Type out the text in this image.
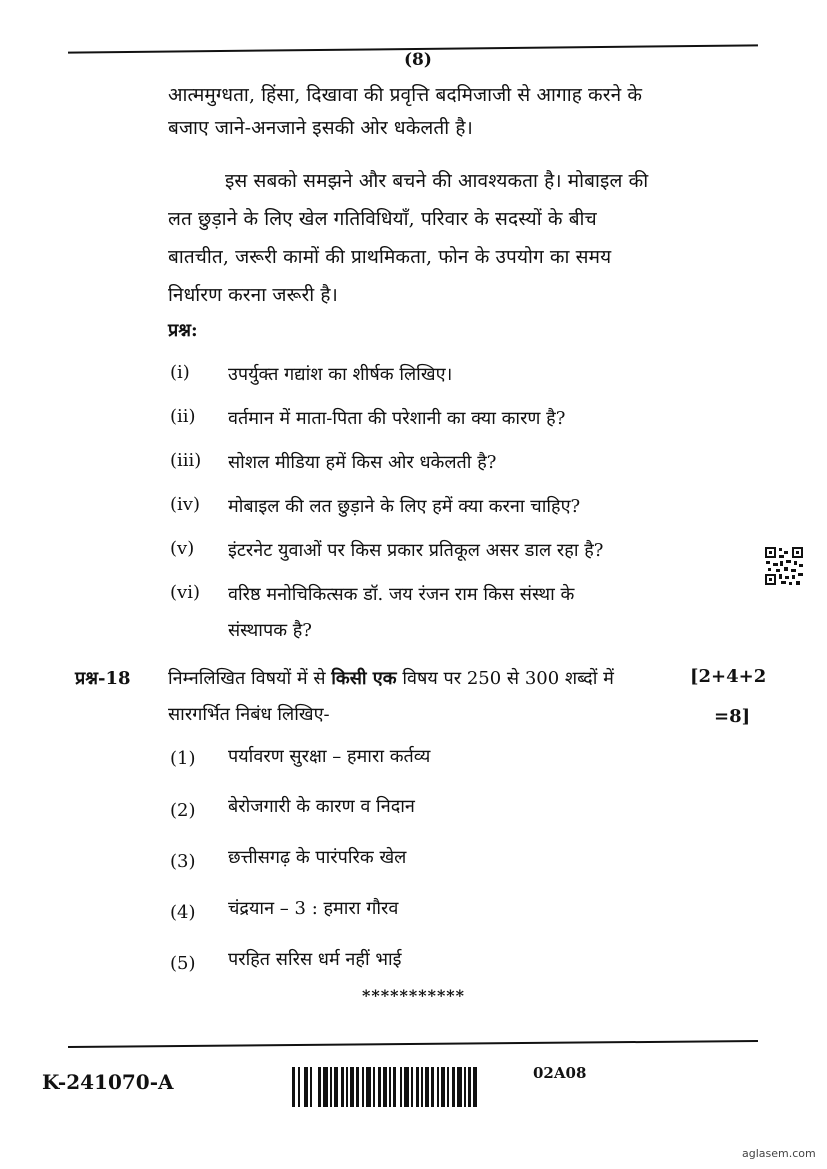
(8)
आत्ममुग्धता, हिंसा, दिखावा की प्रवृत्ति बदमिजाजी से आगाह करने के
बजाए जाने-अनजाने इसकी ओर धकेलती है।
इस सबको समझने और बचने की आवश्यकता है। मोबाइल की
लत छुड़ाने के लिए खेल गतिविधियाँ, परिवार के सदस्यों के बीच
बातचीत, जरूरी कामों की प्राथमिकता, फोन के उपयोग का समय
निर्धारण करना जरूरी है।
प्रश्न:
(i) उपर्युक्त गद्यांश का शीर्षक लिखिए।
(ii) वर्तमान में माता-पिता की परेशानी का क्या कारण है?
(iii) सोशल मीडिया हमें किस ओर धकेलती है?
(iv) मोबाइल की लत छुड़ाने के लिए हमें क्या करना चाहिए?
(v) इंटरनेट युवाओं पर किस प्रकार प्रतिकूल असर डाल रहा है?
(vi) वरिष्ठ मनोचिकित्सक डॉ. जय रंजन राम किस संस्था के
संस्थापक है?
प्रश्न-18 निम्नलिखित विषयों में से किसी एक विषय पर 250 से 300 शब्दों में
सारगर्भित निबंध लिखिए-
[2+4+2
=8]
(1) पर्यावरण सुरक्षा – हमारा कर्तव्य
(2) बेरोजगारी के कारण व निदान
(3) छत्तीसगढ़ के पारंपरिक खेल
(4) चंद्रयान – 3 : हमारा गौरव
(5) परहित सरिस धर्म नहीं भाई
***********
K-241070-A	02A08
aglasem.com
